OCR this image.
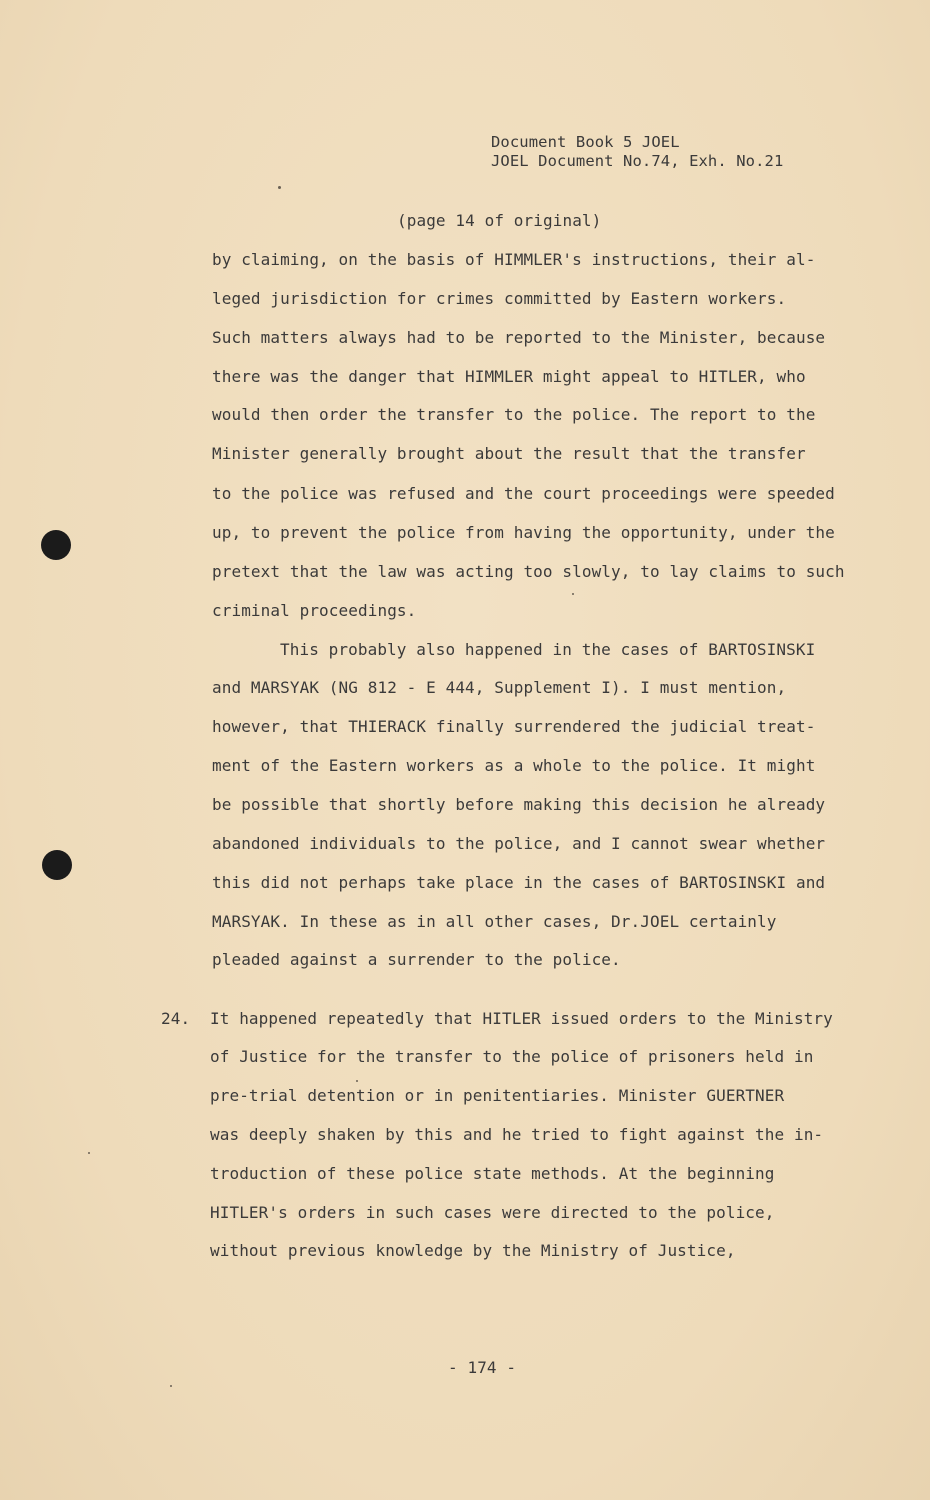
Document Book 5 JOEL
JOEL Document No.74, Exh. No.21
(page 14 of original)
by claiming, on the basis of HIMMLER's instructions, their al-
leged jurisdiction for crimes committed by Eastern workers.
Such matters always had to be reported to the Minister, because
there was the danger that HIMMLER might appeal to HITLER, who
would then order the transfer to the police. The report to the
Minister generally brought about the result that the transfer
to the police was refused and the court proceedings were speeded
up, to prevent the police from having the opportunity, under the
pretext that the law was acting too slowly, to lay claims to such
criminal proceedings.
This probably also happened in the cases of BARTOSINSKI
and MARSYAK (NG 812 - E 444, Supplement I). I must mention,
however, that THIERACK finally surrendered the judicial treat-
ment of the Eastern workers as a whole to the police. It might
be possible that shortly before making this decision he already
abandoned individuals to the police, and I cannot swear whether
this did not perhaps take place in the cases of BARTOSINSKI and
MARSYAK. In these as in all other cases, Dr.JOEL certainly
pleaded against a surrender to the police.
24. It happened repeatedly that HITLER issued orders to the Ministry
of Justice for the transfer to the police of prisoners held in
pre-trial detention or in penitentiaries. Minister GUERTNER
was deeply shaken by this and he tried to fight against the in-
troduction of these police state methods. At the beginning
HITLER's orders in such cases were directed to the police,
without previous knowledge by the Ministry of Justice,
- 174 -
